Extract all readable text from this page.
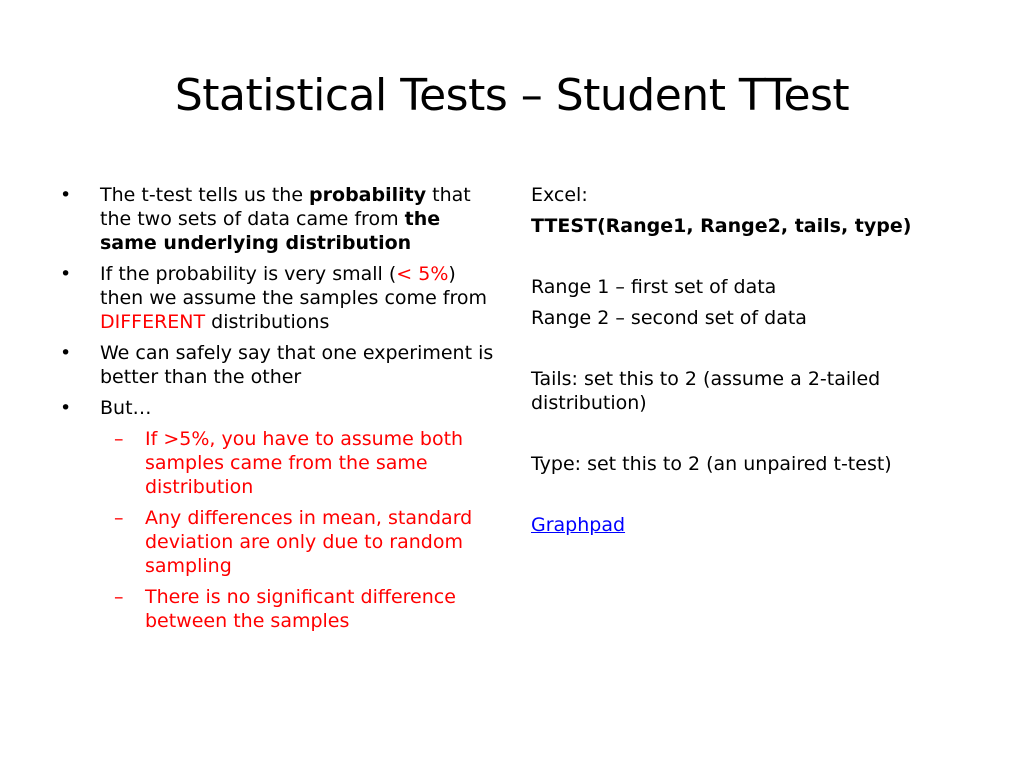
Statistical Tests – Student TTest
• The t-test tells us the probability that the two sets of data came from the same underlying distribution
• If the probability is very small (< 5%) then we assume the samples come from DIFFERENT distributions
• We can safely say that one experiment is better than the other
• But…
– If >5%, you have to assume both samples came from the same distribution
– Any differences in mean, standard deviation are only due to random sampling
– There is no significant difference between the samples

Excel:

TTEST(Range1, Range2, tails, type)

Range 1 – first set of data

Range 2 – second set of data

Tails: set this to 2 (assume a 2-tailed distribution)

Type: set this to 2 (an unpaired t-test)

Graphpad
